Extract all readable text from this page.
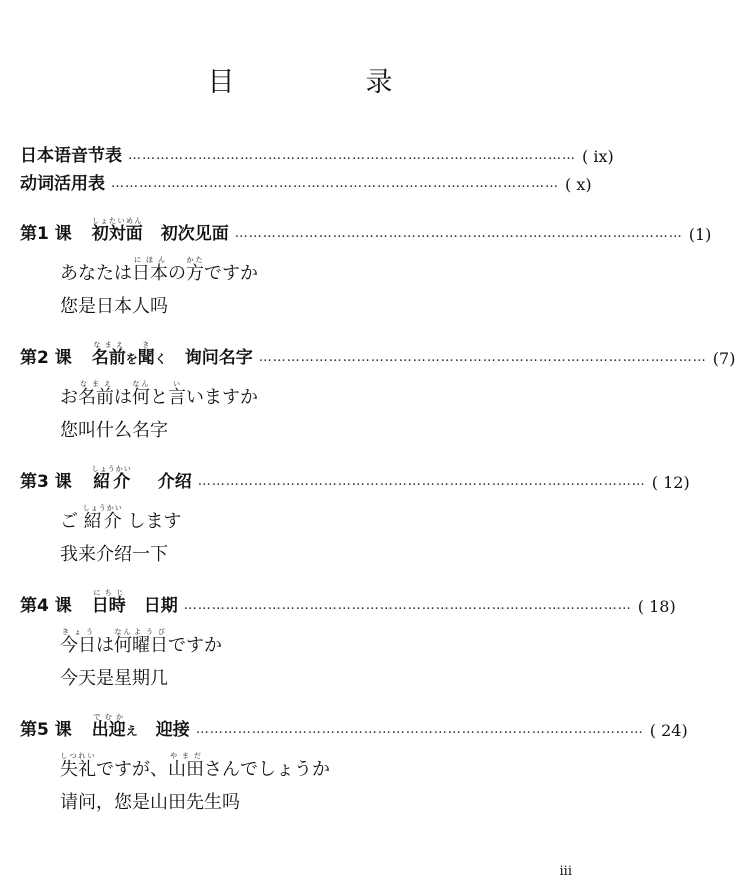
目　录
日本语音节表 …………………………………………………………………………………… ( ⅸ)
动词活用表 …………………………………………………………………………………… ( ⅹ)
第1 课 初対面しょたいめん
初次见面 …………………………………………………………………………………… (1)
あなたは日本にほんの方かたですか
您是日本人吗
第2 课 名前なまえを聞きく 询问名字 …………………………………………………………………………………… (7)
お名前なまえは何なんと言いいますか
您叫什么名字
第3 课 紹介しょうかい
介绍 …………………………………………………………………………………… ( 12)
ご 紹介しょうかい します
我来介绍一下
第4 课 日時にちじ
日期 …………………………………………………………………………………… ( 18)
今日きょうは何なん曜日ようびですか
今天是星期几
第5 课 出迎でむかえ 迎接 …………………………………………………………………………………… ( 24)
失礼しつれいですが、山田やまださんでしょうか
请问，您是山田先生吗
iii
